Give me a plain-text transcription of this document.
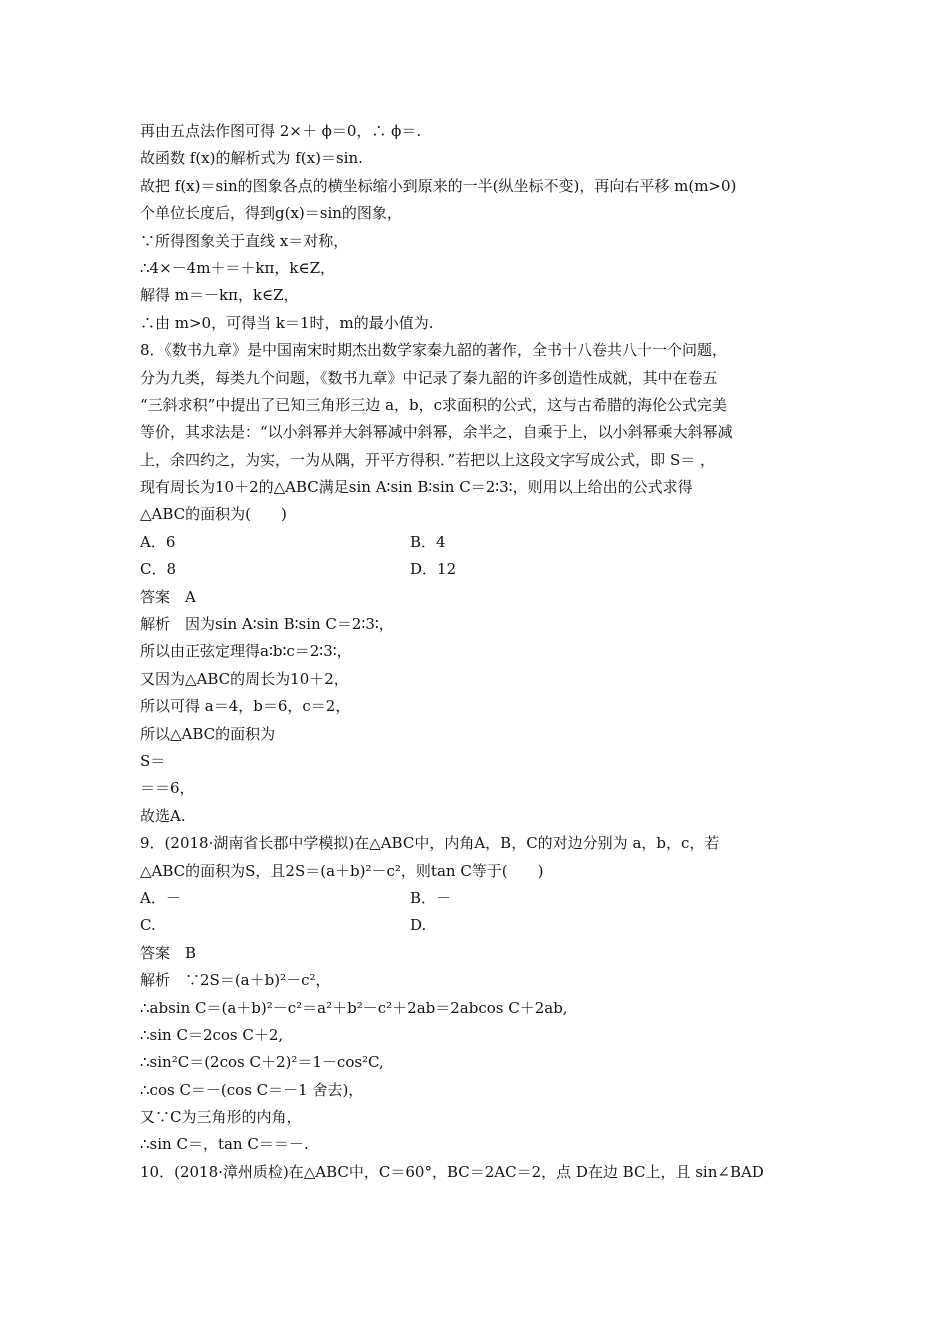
再由五点法作图可得 2×＋ ϕ＝0，∴ ϕ＝.
故函数 f(x)的解析式为 f(x)＝sin.
故把 f(x)＝sin的图象各点的横坐标缩小到原来的一半(纵坐标不变)，再向右平移 m(m>0)
个单位长度后，得到g(x)＝sin的图象，
∵所得图象关于直线 x＝对称，
∴4×－4m＋＝＋kπ，k∈Z，
解得 m＝－kπ，k∈Z，
∴由 m>0，可得当 k＝1时，m的最小值为.
8．《数书九章》是中国南宋时期杰出数学家秦九韶的著作，全书十八卷共八十一个问题，
分为九类，每类九个问题，《数书九章》中记录了秦九韶的许多创造性成就，其中在卷五
“三斜求积”中提出了已知三角形三边 a，b，c求面积的公式，这与古希腊的海伦公式完美
等价，其求法是：“以小斜幂并大斜幂减中斜幂，余半之，自乘于上，以小斜幂乘大斜幂减
上，余四约之，为实，一为从隅，开平方得积．”若把以上这段文字写成公式，即 S＝ ，
现有周长为10＋2的△ABC满足sin A∶sin B∶sin C＝2∶3∶，则用以上给出的公式求得
△ABC的面积为(　　)
A．6	B．4
C．8	D．12
答案　A
解析　因为sin A∶sin B∶sin C＝2∶3∶，
所以由正弦定理得a∶b∶c＝2∶3∶，
又因为△ABC的周长为10＋2，
所以可得 a＝4，b＝6，c＝2，
所以△ABC的面积为
S＝
＝＝6，
故选A.
9．(2018·湖南省长郡中学模拟)在△ABC中，内角A，B，C的对边分别为 a，b，c，若
△ABC的面积为S，且2S＝(a＋b)²－c²，则tan C等于(　　)
A．－	B．－
C.	D.
答案　B
解析　∵2S＝(a＋b)²－c²，
∴absin C＝(a＋b)²－c²＝a²＋b²－c²＋2ab＝2abcos C＋2ab,
∴sin C＝2cos C＋2,
∴sin²C＝(2cos C＋2)²＝1－cos²C,
∴cos C＝－(cos C＝－1 舍去)，
又∵C为三角形的内角，
∴sin C＝，tan C＝＝－.
10．(2018·漳州质检)在△ABC中，C＝60°，BC＝2AC＝2，点 D在边 BC上，且 sin∠BAD
